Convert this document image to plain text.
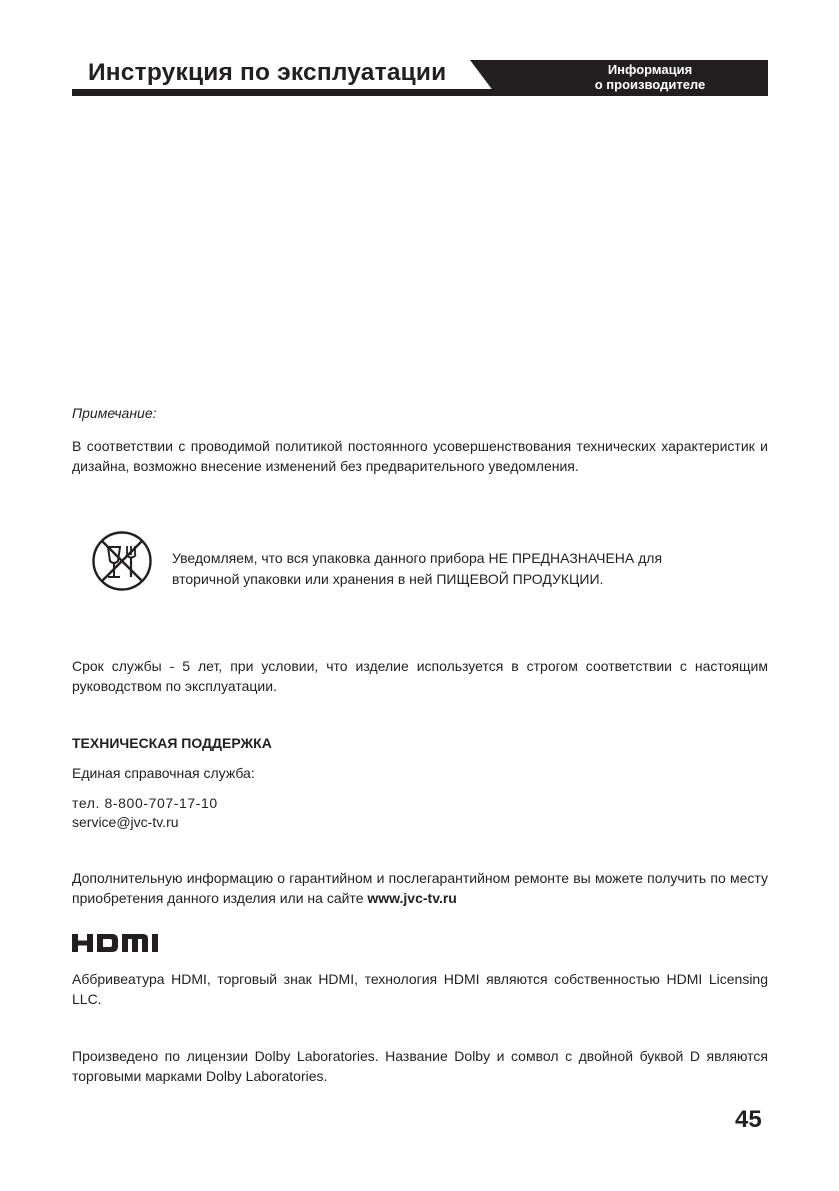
Инструкция по эксплуатации	Информация
о производителе
Примечание:
В соответствии с проводимой политикой постоянного усовершенствования технических характеристик и дизайна, возможно внесение изменений без предварительного уведомления.
Уведомляем, что вся упаковка данного прибора НЕ ПРЕДНАЗНАЧЕНА для
вторичной упаковки или хранения в ней ПИЩЕВОЙ ПРОДУКЦИИ.
Срок службы - 5 лет, при условии, что изделие используется в строгом соответствии с настоящим руководством по эксплуатации.
ТЕХНИЧЕСКАЯ ПОДДЕРЖКА
Единая справочная служба:
тел. 8-800-707-17-10
service@jvc-tv.ru
Дополнительную информацию о гарантийном и послегарантийном ремонте вы можете получить по месту приобретения данного изделия или на сайте www.jvc-tv.ru
Аббривеатура HDMI, торговый знак HDMI, технология HDMI являются собственностью HDMI Licensing LLC.
Произведено по лицензии Dolby Laboratories. Название Dolby и сомвол с двойной буквой D являются торговыми марками Dolby Laboratories.
45
